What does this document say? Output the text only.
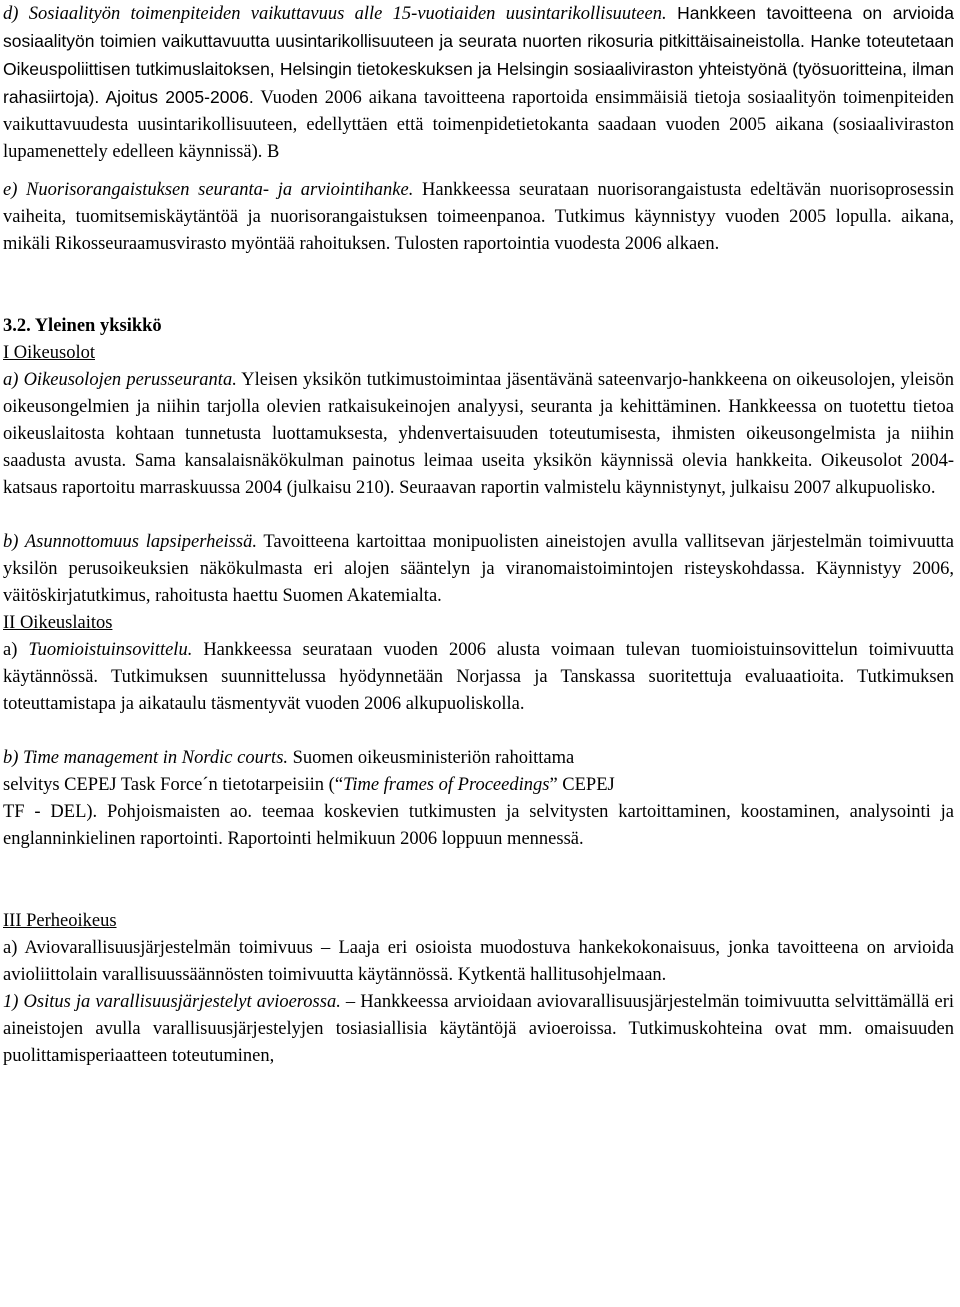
d) Sosiaalityön toimenpiteiden vaikuttavuus alle 15-vuotiaiden uusintarikollisuuteen. Hankkeen tavoitteena on arvioida sosiaalityön toimien vaikuttavuutta uusintarikollisuuteen ja seurata nuorten rikosuria pitkittäisaineistolla. Hanke toteutetaan Oikeuspoliittisen tutkimuslaitoksen, Helsingin tietokeskuksen ja Helsingin sosiaaliviraston yhteistyönä (työsuoritteina, ilman rahasiirtoja). Ajoitus 2005-2006. Vuoden 2006 aikana tavoitteena raportoida ensimmäisiä tietoja sosiaalityön toimenpiteiden vaikuttavuudesta uusintarikollisuuteen, edellyttäen että toimenpidetietokanta saadaan vuoden 2005 aikana (sosiaaliviraston lupamenettely edelleen käynnissä). B

e) Nuorisorangaistuksen seuranta- ja arviointihanke. Hankkeessa seurataan nuorisorangaistusta edeltävän nuorisoprosessin vaiheita, tuomitsemiskäytäntöä ja nuorisorangaistuksen toimeenpanoa. Tutkimus käynnistyy vuoden 2005 lopulla. aikana, mikäli Rikosseuraamusvirasto myöntää rahoituksen. Tulosten raportointia vuodesta 2006 alkaen.

3.2. Yleinen yksikkö

I Oikeusolot

a) Oikeusolojen perusseuranta. Yleisen yksikön tutkimustoimintaa jäsentävänä sateenvarjo-hankkeena on oikeusolojen, yleisön oikeusongelmien ja niihin tarjolla olevien ratkaisukeinojen analyysi, seuranta ja kehittäminen. Hankkeessa on tuotettu tietoa oikeuslaitosta kohtaan tunnetusta luottamuksesta, yhdenvertaisuuden toteutumisesta, ihmisten oikeusongelmista ja niihin saadusta avusta. Sama kansalaisnäkökulman painotus leimaa useita yksikön käynnissä olevia hankkeita. Oikeusolot 2004-katsaus raportoitu marraskuussa 2004 (julkaisu 210). Seuraavan raportin valmistelu käynnistynyt, julkaisu 2007 alkupuolisko.

b) Asunnottomuus lapsiperheissä. Tavoitteena kartoittaa monipuolisten aineistojen avulla vallitsevan järjestelmän toimivuutta yksilön perusoikeuksien näkökulmasta eri alojen sääntelyn ja viranomaistoimintojen risteyskohdassa. Käynnistyy 2006, väitöskirjatutkimus, rahoitusta haettu Suomen Akatemialta.

II Oikeuslaitos

a) Tuomioistuinsovittelu. Hankkeessa seurataan vuoden 2006 alusta voimaan tulevan tuomioistuinsovittelun toimivuutta käytännössä. Tutkimuksen suunnittelussa hyödynnetään Norjassa ja Tanskassa suoritettuja evaluaatioita. Tutkimuksen toteuttamistapa ja aikataulu täsmentyvät vuoden 2006 alkupuoliskolla.

b) Time management in Nordic courts. Suomen oikeusministeriön rahoittama

selvitys CEPEJ Task Force´n tietotarpeisiin (“Time frames of Proceedings” CEPEJ

TF - DEL). Pohjoismaisten ao. teemaa koskevien tutkimusten ja selvitysten kartoittaminen, koostaminen, analysointi ja englanninkielinen raportointi. Raportointi helmikuun 2006 loppuun mennessä.

III Perheoikeus

a) Aviovarallisuusjärjestelmän toimivuus – Laaja eri osioista muodostuva hankekokonaisuus, jonka tavoitteena on arvioida avioliittolain varallisuussäännösten toimivuutta käytännössä. Kytkentä hallitusohjelmaan.

1) Ositus ja varallisuusjärjestelyt avioerossa. – Hankkeessa arvioidaan aviovarallisuusjärjestelmän toimivuutta selvittämällä eri aineistojen avulla varallisuusjärjestelyjen tosiasiallisia käytäntöjä avioeroissa. Tutkimuskohteina ovat mm. omaisuuden puolittamisperiaatteen toteutuminen,
